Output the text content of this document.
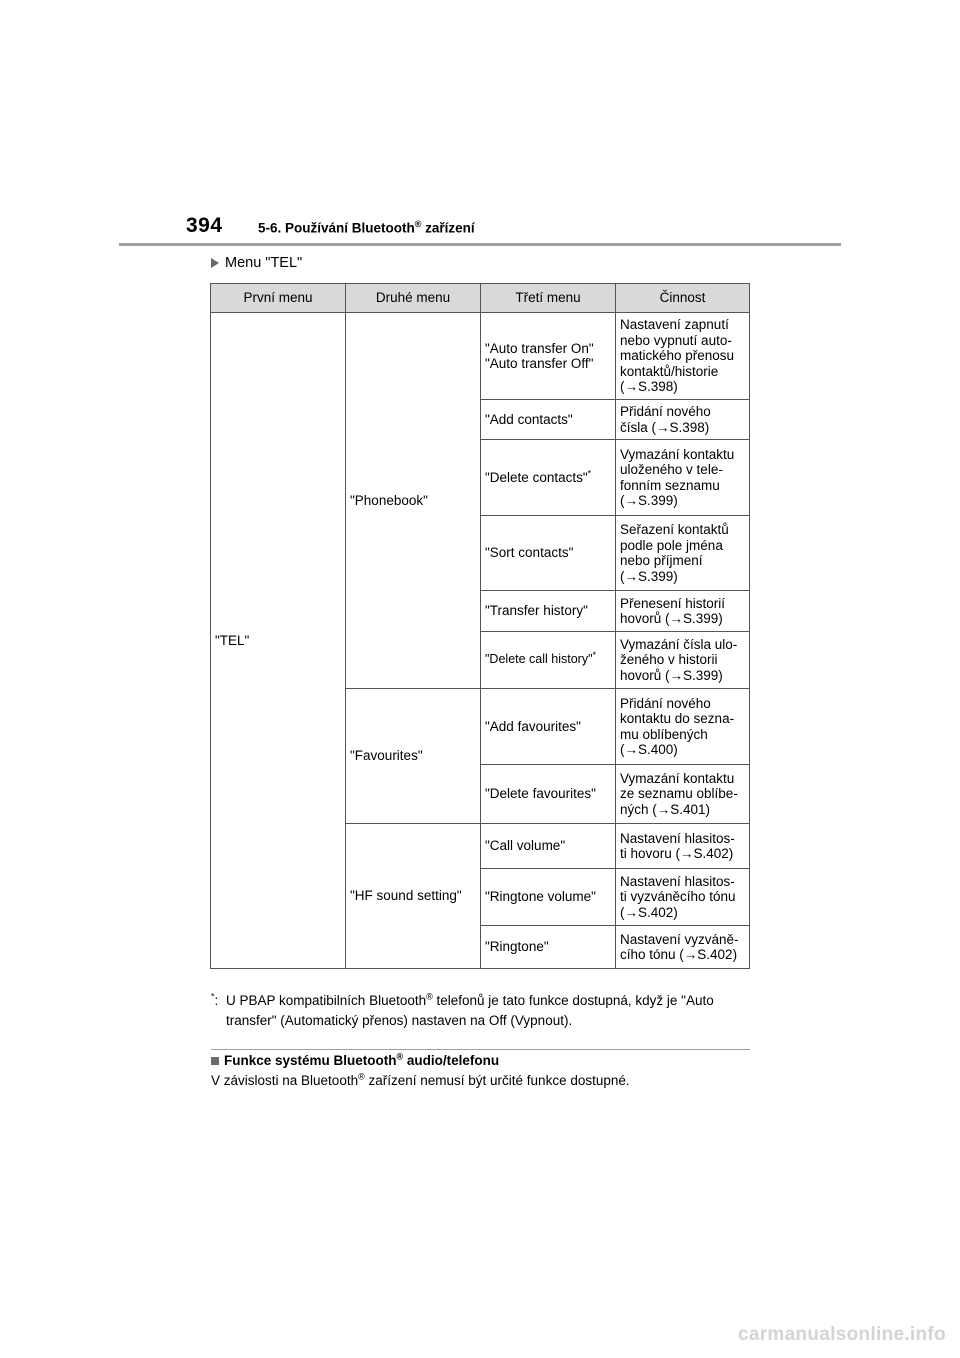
394	5-6. Používání Bluetooth® zařízení
Menu "TEL"
První menu	Druhé menu	Třetí menu	Činnost
"TEL"	"Phonebook"	"Auto transfer On"
"Auto transfer Off"	Nastavení zapnutí
nebo vypnutí auto-
matického přenosu
kontaktů/historie
(→S.398)
		"Add contacts"	Přidání nového
čísla (→S.398)
		"Delete contacts"*	Vymazání kontaktu
uloženého v tele-
fonním seznamu
(→S.399)
		"Sort contacts"	Seřazení kontaktů
podle pole jména
nebo příjmení
(→S.399)
		"Transfer history"	Přenesení historií
hovorů (→S.399)
		"Delete call history"*	Vymazání čísla ulo-
ženého v historii
hovorů (→S.399)
	"Favourites"	"Add favourites"	Přidání nového
kontaktu do sezna-
mu oblíbených
(→S.400)
		"Delete favourites"	Vymazání kontaktu
ze seznamu oblíbe-
ných (→S.401)
	"HF sound setting"	"Call volume"	Nastavení hlasitos-
ti hovoru (→S.402)
		"Ringtone volume"	Nastavení hlasitos-
ti vyzváněcího tónu
(→S.402)
		"Ringtone"	Nastavení vyzváně-
cího tónu (→S.402)
*: U PBAP kompatibilních Bluetooth® telefonů je tato funkce dostupná, když je "Auto transfer" (Automatický přenos) nastaven na Off (Vypnout).
Funkce systému Bluetooth® audio/telefonu
V závislosti na Bluetooth® zařízení nemusí být určité funkce dostupné.
carmanualsonline.info
